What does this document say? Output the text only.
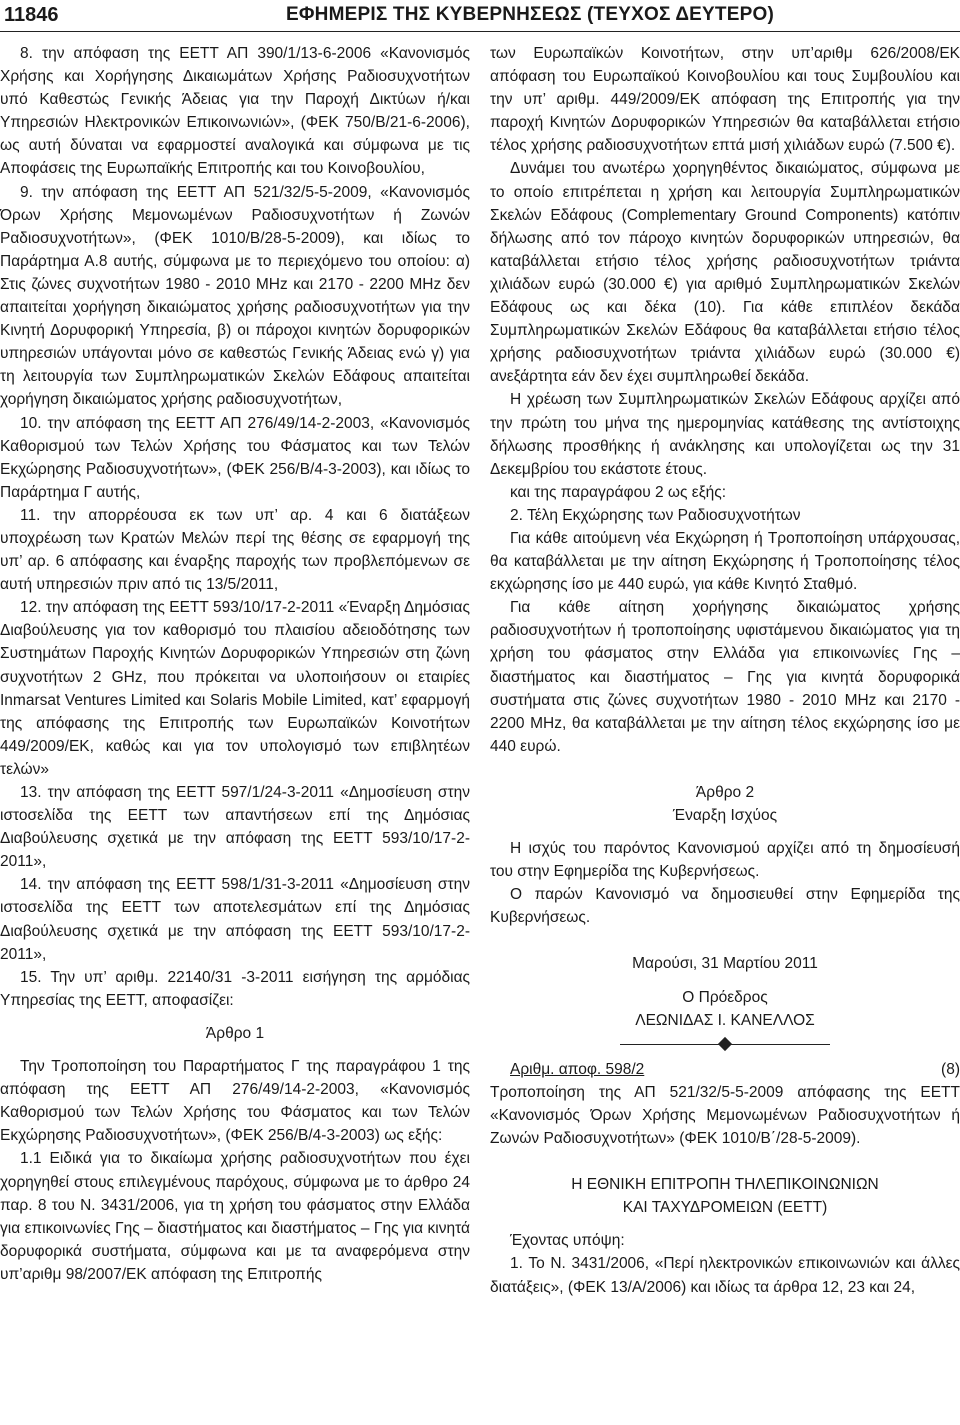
11846	ΕΦΗΜΕΡΙΣ ΤΗΣ ΚΥΒΕΡΝΗΣΕΩΣ (ΤΕΥΧΟΣ ΔΕΥΤΕΡΟ)

8. την απόφαση της ΕΕΤΤ ΑΠ 390/1/13-6-2006 «Κανονισμός Χρήσης και Χορήγησης Δικαιωμάτων Χρήσης Ραδιοσυχνοτήτων υπό Καθεστώς Γενικής Άδειας για την Παροχή Δικτύων ή/και Υπηρεσιών Ηλεκτρονικών Επικοινωνιών», (ΦΕΚ 750/Β/21-6-2006), ως αυτή δύναται να εφαρμοστεί αναλογικά και σύμφωνα με τις Αποφάσεις της Ευρωπαϊκής Επιτροπής και του Κοινοβουλίου,

9. την απόφαση της ΕΕΤΤ ΑΠ 521/32/5-5-2009, «Κανονισμός Όρων Χρήσης Μεμονωμένων Ραδιοσυχνοτήτων ή Ζωνών Ραδιοσυχνοτήτων», (ΦΕΚ 1010/Β/28-5-2009), και ιδίως το Παράρτημα Α.8 αυτής, σύμφωνα με το περιεχόμενο του οποίου: α) Στις ζώνες συχνοτήτων 1980 - 2010 MHz και 2170 - 2200 MHz δεν απαιτείται χορήγηση δικαιώματος χρήσης ραδιοσυχνοτήτων για την Κινητή Δορυφορική Υπηρεσία, β) οι πάροχοι κινητών δορυφορικών υπηρεσιών υπάγονται μόνο σε καθεστώς Γενικής Άδειας ενώ γ) για τη λειτουργία των Συμπληρωματικών Σκελών Εδάφους απαιτείται χορήγηση δικαιώματος χρήσης ραδιοσυχνοτήτων,

10. την απόφαση της ΕΕΤΤ ΑΠ 276/49/14-2-2003, «Κανονισμός Καθορισμού των Τελών Χρήσης του Φάσματος και των Τελών Εκχώρησης Ραδιοσυχνοτήτων», (ΦΕΚ 256/Β/4-3-2003), και ιδίως το Παράρτημα Γ αυτής,

11. την απορρέουσα εκ των υπ’ αρ. 4 και 6 διατάξεων υποχρέωση των Κρατών Μελών περί της θέσης σε εφαρμογή της υπ’ αρ. 6 απόφασης και έναρξης παροχής των προβλεπόμενων σε αυτή υπηρεσιών πριν από τις 13/5/2011,

12. την απόφαση της ΕΕΤΤ 593/10/17-2-2011 «Έναρξη Δημόσιας Διαβούλευσης για τον καθορισμό του πλαισίου αδειοδότησης των Συστημάτων Παροχής Κινητών Δορυφορικών Υπηρεσιών στη ζώνη συχνοτήτων 2 GHz, που πρόκειται να υλοποιήσουν οι εταιρίες Inmarsat Ventures Limited και Solaris Mobile Limited, κατ’ εφαρμογή της απόφασης της Επιτροπής των Ευρωπαϊκών Κοινοτήτων 449/2009/ΕΚ, καθώς και για τον υπολογισμό των επιβλητέων τελών»

13. την απόφαση της ΕΕΤΤ 597/1/24-3-2011 «Δημοσίευση στην ιστοσελίδα της ΕΕΤΤ των απαντήσεων επί της Δημόσιας Διαβούλευσης σχετικά με την απόφαση της ΕΕΤΤ 593/10/17-2-2011»,

14. την απόφαση της ΕΕΤΤ 598/1/31-3-2011 «Δημοσίευση στην ιστοσελίδα της ΕΕΤΤ των αποτελεσμάτων επί της Δημόσιας Διαβούλευσης σχετικά με την απόφαση της ΕΕΤΤ 593/10/17-2-2011»,

15. Την υπ’ αριθμ. 22140/31 -3-2011 εισήγηση της αρμόδιας Υπηρεσίας της ΕΕΤΤ, αποφασίζει:

Άρθρο 1

Την Τροποποίηση του Παραρτήματος Γ της παραγράφου 1 της απόφαση της ΕΕΤΤ ΑΠ 276/49/14-2-2003, «Κανονισμός Καθορισμού των Τελών Χρήσης του Φάσματος και των Τελών Εκχώρησης Ραδιοσυχνοτήτων», (ΦΕΚ 256/Β/4-3-2003) ως εξής:

1.1 Ειδικά για το δικαίωμα χρήσης ραδιοσυχνοτήτων που έχει χορηγηθεί στους επιλεγμένους παρόχους, σύμφωνα με το άρθρο 24 παρ. 8 του Ν. 3431/2006, για τη χρήση του φάσματος στην Ελλάδα για επικοινωνίες Γης – διαστήματος και διαστήματος – Γης για κινητά δορυφορικά συστήματα, σύμφωνα και με τα αναφερόμενα στην υπ’αριθμ 98/2007/ΕΚ απόφαση της Επιτροπής

των Ευρωπαϊκών Κοινοτήτων, στην υπ’αριθμ 626/2008/ΕΚ απόφαση του Ευρωπαϊκού Κοινοβουλίου και τους Συμβουλίου και την υπ’ αριθμ. 449/2009/ΕΚ απόφαση της Επιτροπής για την παροχή Κινητών Δορυφορικών Υπηρεσιών θα καταβάλλεται ετήσιο τέλος χρήσης ραδιοσυχνοτήτων επτά μισή χιλιάδων ευρώ (7.500 €).

Δυνάμει του ανωτέρω χορηγηθέντος δικαιώματος, σύμφωνα με το οποίο επιτρέπεται η χρήση και λειτουργία Συμπληρωματικών Σκελών Εδάφους (Complementary Ground Components) κατόπιν δήλωσης από τον πάροχο κινητών δορυφορικών υπηρεσιών, θα καταβάλλεται ετήσιο τέλος χρήσης ραδιοσυχνοτήτων τριάντα χιλιάδων ευρώ (30.000 €) για αριθμό Συμπληρωματικών Σκελών Εδάφους ως και δέκα (10). Για κάθε επιπλέον δεκάδα Συμπληρωματικών Σκελών Εδάφους θα καταβάλλεται ετήσιο τέλος χρήσης ραδιοσυχνοτήτων τριάντα χιλιάδων ευρώ (30.000 €) ανεξάρτητα εάν δεν έχει συμπληρωθεί δεκάδα.

Η χρέωση των Συμπληρωματικών Σκελών Εδάφους αρχίζει από την πρώτη του μήνα της ημερομηνίας κατάθεσης της αντίστοιχης δήλωσης προσθήκης ή ανάκλησης και υπολογίζεται ως την 31 Δεκεμβρίου του εκάστοτε έτους.

και της παραγράφου 2 ως εξής:

2. Τέλη Εκχώρησης των Ραδιοσυχνοτήτων

Για κάθε αιτούμενη νέα Εκχώρηση ή Τροποποίηση υπάρχουσας, θα καταβάλλεται με την αίτηση Εκχώρησης ή Τροποποίησης τέλος εκχώρησης ίσο με 440 ευρώ, για κάθε Κινητό Σταθμό.

Για κάθε αίτηση χορήγησης δικαιώματος χρήσης ραδιοσυχνοτήτων ή τροποποίησης υφιστάμενου δικαιώματος για τη χρήση του φάσματος στην Ελλάδα για επικοινωνίες Γης – διαστήματος και διαστήματος – Γης για κινητά δορυφορικά συστήματα στις ζώνες συχνοτήτων 1980 - 2010 MHz και 2170 - 2200 MHz, θα καταβάλλεται με την αίτηση τέλος εκχώρησης ίσο με 440 ευρώ.

Άρθρο 2

Έναρξη Ισχύος

Η ισχύς του παρόντος Κανονισμού αρχίζει από τη δημοσίευσή του στην Εφημερίδα της Κυβερνήσεως.

Ο παρών Κανονισμό να δημοσιευθεί στην Εφημερίδα της Κυβερνήσεως.

Μαρούσι, 31 Μαρτίου 2011

Ο Πρόεδρος

ΛΕΩΝΙΔΑΣ Ι. ΚΑΝΕΛΛΟΣ

Αριθμ. αποφ. 598/2	(8)

Τροποποίηση της ΑΠ 521/32/5-5-2009 απόφασης της ΕΕΤΤ «Κανονισμός Όρων Χρήσης Μεμονωμένων Ραδιοσυχνοτήτων ή Ζωνών Ραδιοσυχνοτήτων» (ΦΕΚ 1010/Β΄/28-5-2009).

Η ΕΘΝΙΚΗ ΕΠΙΤΡΟΠΗ ΤΗΛΕΠΙΚΟΙΝΩΝΙΩΝ

ΚΑΙ ΤΑΧΥΔΡΟΜΕΙΩΝ (ΕΕΤΤ)

Έχοντας υπόψη:

1. Το Ν. 3431/2006, «Περί ηλεκτρονικών επικοινωνιών και άλλες διατάξεις», (ΦΕΚ 13/Α/2006) και ιδίως τα άρθρα 12, 23 και 24,
